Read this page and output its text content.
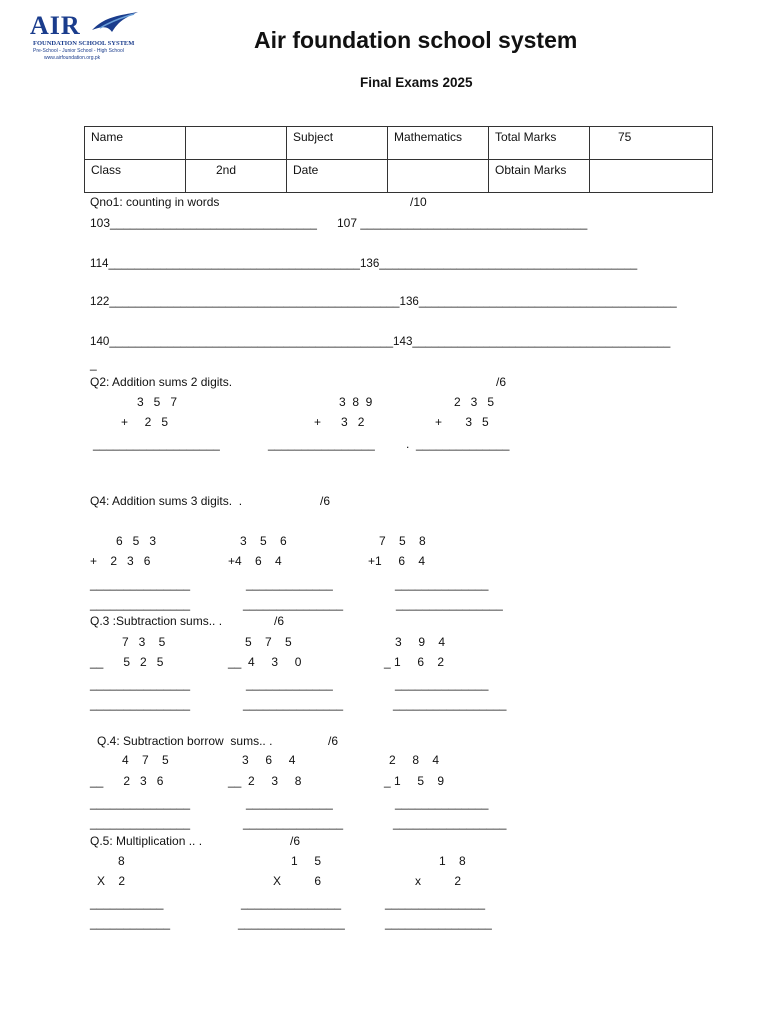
AIR
FOUNDATION SCHOOL SYSTEM
Pre-School - Junior School - High School
www.airfoundation.org.pk
Air foundation school system
Final Exams 2025
Name		Subject	Mathematics	Total Marks	75

Class	2nd	Date		Obtain Marks	

Qno1: counting in words	/10
103_______________________________ 107 __________________________________
114_______________________________________136________________________________________
122_____________________________________________136________________________________________
140____________________________________________143________________________________________
_
Q2: Addition sums 2 digits.	/6
3   5   7	3  8  9	2   3   5
+     2   5	+      3   2	+       3   5
___________________	________________	.  ______________
Q4: Addition sums 3 digits.  .	/6
6   5   3	3    5    6	7    5    8
+    2   3   6	+4    6    4	+1     6    4
_______________	_____________	______________
_______________	_______________	________________
Q.3 :Subtraction sums.. .	/6
7   3    5	5    7    5	3     9    4
__      5   2   5	__  4     3     0	_ 1     6    2
_______________	_____________	______________
_______________	_______________	_________________
Q.4: Subtraction borrow  sums.. .	/6
4    7    5	3     6     4	2     8    4
__      2   3   6	__  2     3     8	_ 1     5    9
_______________	_____________	______________
_______________	_______________	_________________
Q.5: Multiplication .. .	/6
8	1     5	1    8
X    2	X          6	x          2
___________	_______________	_______________
____________	________________	________________
